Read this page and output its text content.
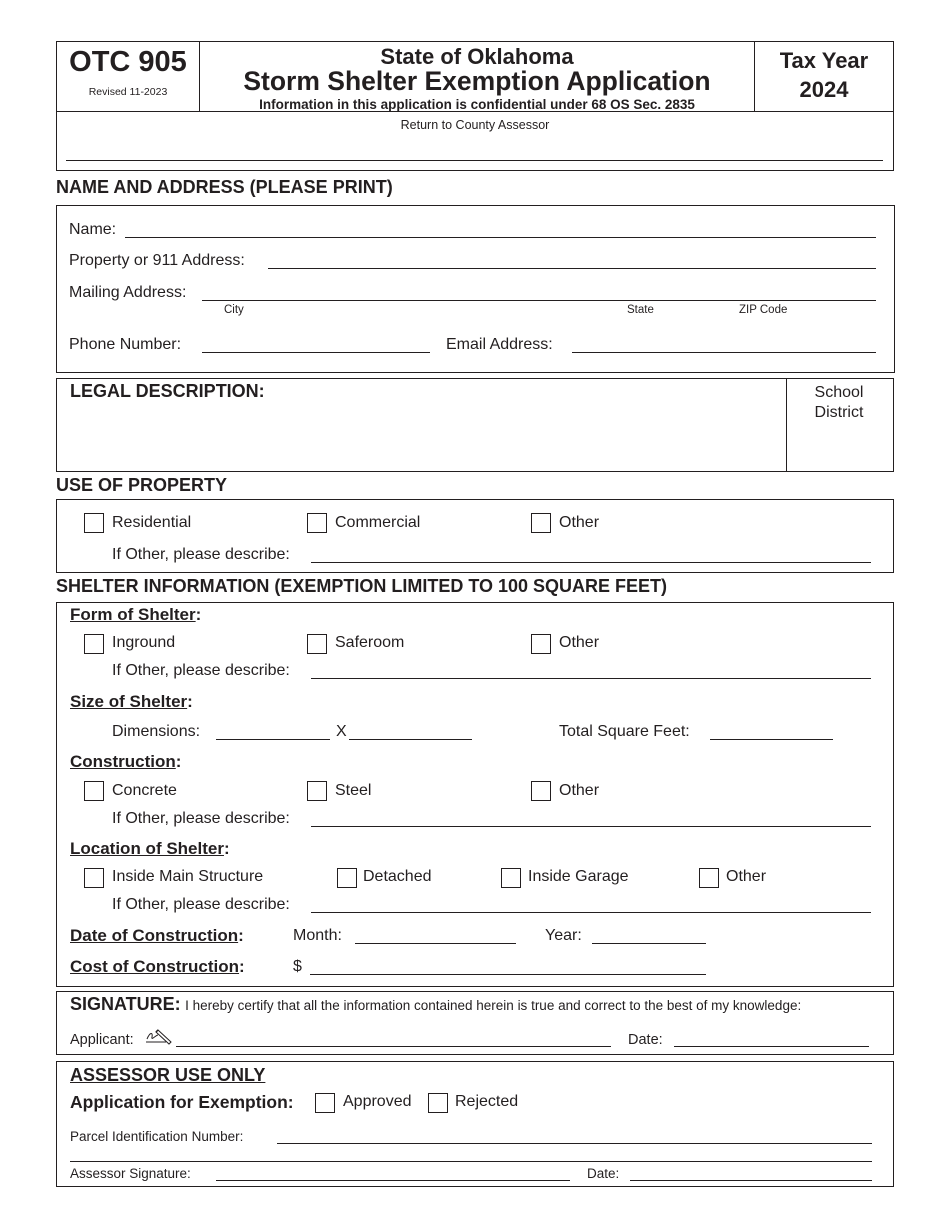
OTC 905
Revised 11-2023
State of Oklahoma
Storm Shelter Exemption Application
Information in this application is confidential under 68 OS Sec. 2835
Return to County Assessor
Tax Year
2024
NAME AND ADDRESS (PLEASE PRINT)
Name:
Property or 911 Address:
Mailing Address:
City	State	ZIP Code
Phone Number:	Email Address:
LEGAL DESCRIPTION:	School
District
USE OF PROPERTY
Residential	Commercial	Other
If Other, please describe:
SHELTER INFORMATION (EXEMPTION LIMITED TO 100 SQUARE FEET)
Form of Shelter:
Inground	Saferoom	Other
If Other, please describe:
Size of Shelter:
Dimensions:	X	Total Square Feet:
Construction:
Concrete	Steel	Other
If Other, please describe:
Location of Shelter:
Inside Main Structure	Detached	Inside Garage	Other
If Other, please describe:
Date of Construction:	Month:	Year:
Cost of Construction:	$
SIGNATURE: I hereby certify that all the information contained herein is true and correct to the best of my knowledge:
Applicant:	Date:
ASSESSOR USE ONLY
Application for Exemption:	Approved	Rejected
Parcel Identification Number:
Assessor Signature:	Date:
